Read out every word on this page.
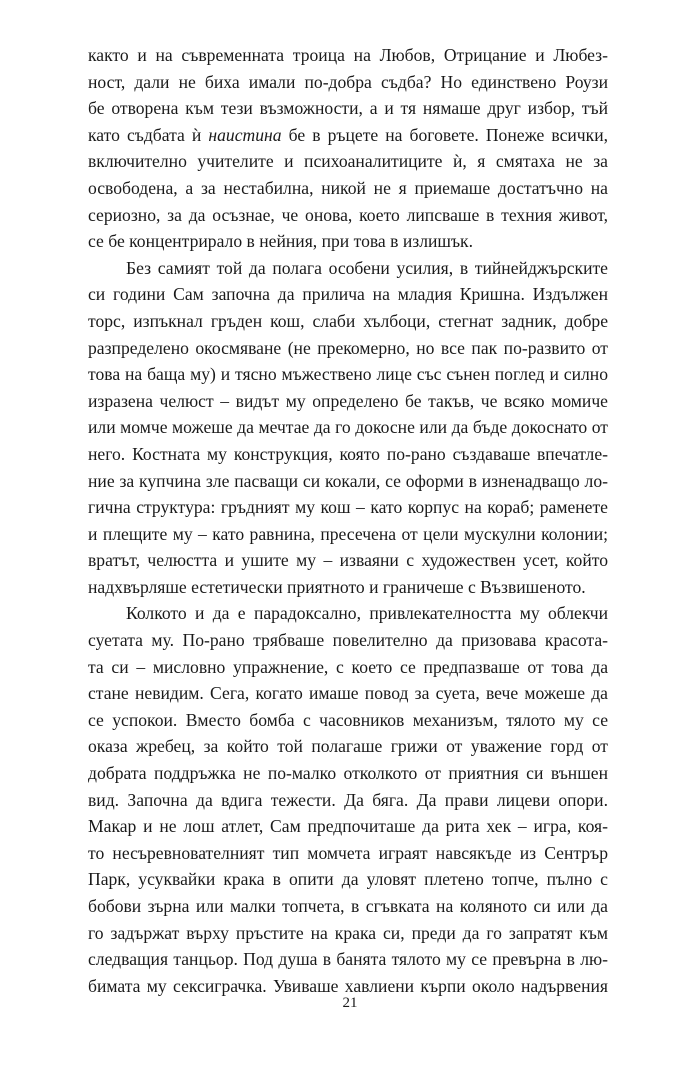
както и на съвременната троица на Любов, Отрицание и Любез-
ност, дали не биха имали по-добра съдба? Но единствено Роузи
бе отворена към тези възможности, а и тя нямаше друг избор, тъй
като съдбата ѝ наистина бе в ръцете на боговете. Понеже всички,
включително учителите и психоаналитиците ѝ, я смятаха не за
освободена, а за нестабилна, никой не я приемаше достатъчно на
сериозно, за да осъзнае, че онова, което липсваше в техния живот,
се бе концентрирало в нейния, при това в излишък.
Без самият той да полага особени усилия, в тийнейджърските
си години Сам започна да прилича на младия Кришна. Издължен
торс, изпъкнал гръден кош, слаби хълбоци, стегнат задник, добре
разпределено окосмяване (не прекомерно, но все пак по-развито от
това на баща му) и тясно мъжествено лице със сънен поглед и силно
изразена челюст – видът му определено бе такъв, че всяко момиче
или момче можеше да мечтае да го докосне или да бъде докоснато от
него. Костната му конструкция, която по-рано създаваше впечатле-
ние за купчина зле пасващи си кокали, се оформи в изненадващо ло-
гична структура: гръдният му кош – като корпус на кораб; раменете
и плещите му – като равнина, пресечена от цели мускулни колонии;
вратът, челюстта и ушите му – изваяни с художествен усет, който
надхвърляше естетически приятното и граничеше с Възвишеното.
Колкото и да е парадоксално, привлекателността му облекчи
суетата му. По-рано трябваше повелително да призовава красота-
та си – мисловно упражнение, с което се предпазваше от това да
стане невидим. Сега, когато имаше повод за суета, вече можеше да
се успокои. Вместо бомба с часовников механизъм, тялото му се
оказа жребец, за който той полагаше грижи от уважение горд от
добрата поддръжка не по-малко отколкото от приятния си външен
вид. Започна да вдига тежести. Да бяга. Да прави лицеви опори.
Макар и не лош атлет, Сам предпочиташе да рита хек – игра, коя-
то несъревнователният тип момчета играят навсякъде из Сентрър
Парк, усуквайки крака в опити да уловят плетено топче, пълно с
бобови зърна или малки топчета, в сгъвката на коляното си или да
го задържат върху пръстите на крака си, преди да го запратят към
следващия танцьор. Под душа в банята тялото му се превърна в лю-
бимата му сексиграчка. Увиваше хавлиени кърпи около надървения
21
